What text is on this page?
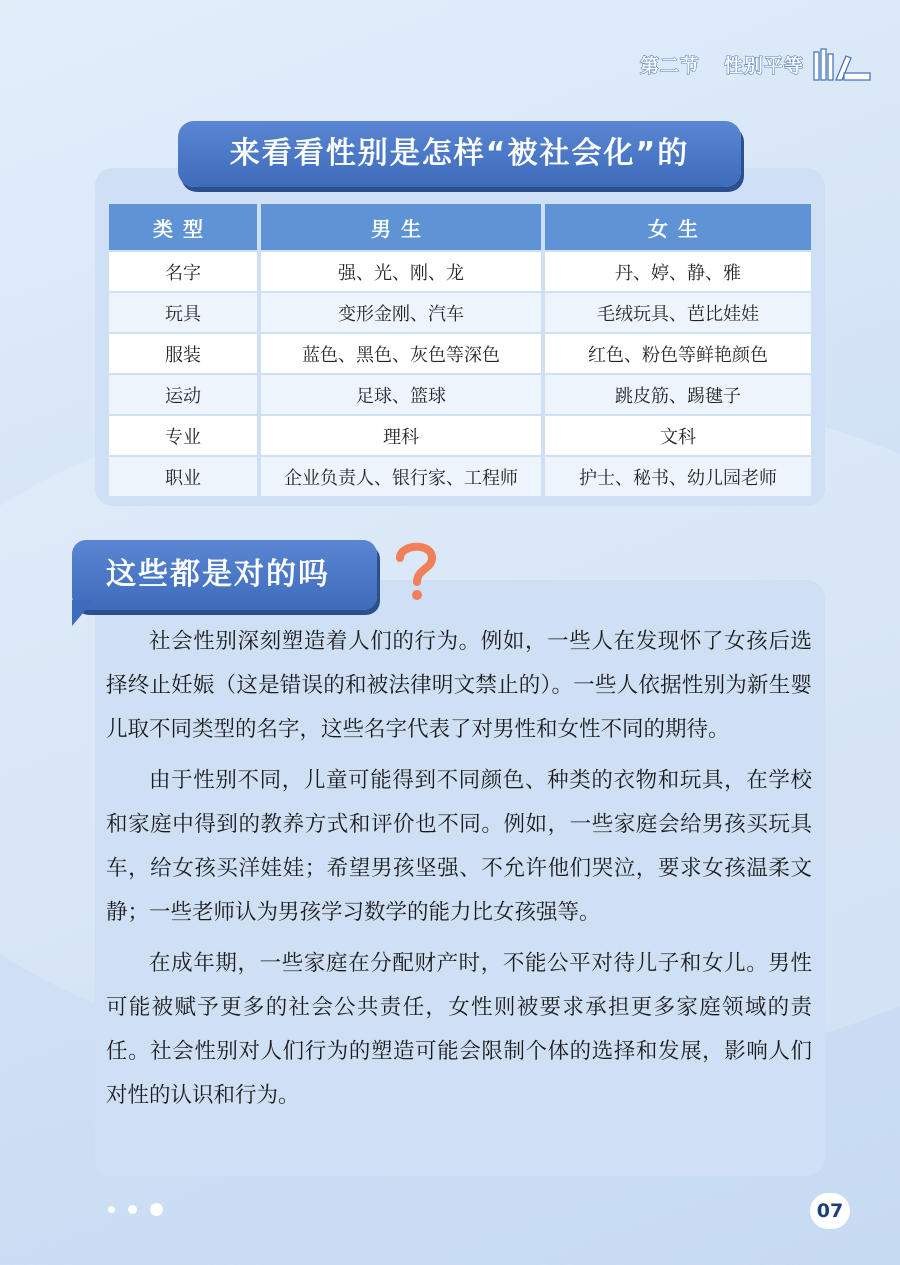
第二节 性别平等
来看看性别是怎样“被社会化”的
类型	男生	女生
名字	强、光、刚、龙	丹、婷、静、雅
玩具	变形金刚、汽车	毛绒玩具、芭比娃娃
服装	蓝色、黑色、灰色等深色	红色、粉色等鲜艳颜色
运动	足球、篮球	跳皮筋、踢毽子
专业	理科	文科
职业	企业负责人、银行家、工程师	护士、秘书、幼儿园老师
这些都是对的吗

社会性别深刻塑造着人们的行为。例如，一些人在发现怀了女孩后选择终止妊娠（这是错误的和被法律明文禁止的）。一些人依据性别为新生婴儿取不同类型的名字，这些名字代表了对男性和女性不同的期待。

由于性别不同，儿童可能得到不同颜色、种类的衣物和玩具，在学校和家庭中得到的教养方式和评价也不同。例如，一些家庭会给男孩买玩具车，给女孩买洋娃娃；希望男孩坚强、不允许他们哭泣，要求女孩温柔文静；一些老师认为男孩学习数学的能力比女孩强等。

在成年期，一些家庭在分配财产时，不能公平对待儿子和女儿。男性可能被赋予更多的社会公共责任，女性则被要求承担更多家庭领域的责任。社会性别对人们行为的塑造可能会限制个体的选择和发展，影响人们对性的认识和行为。

07
